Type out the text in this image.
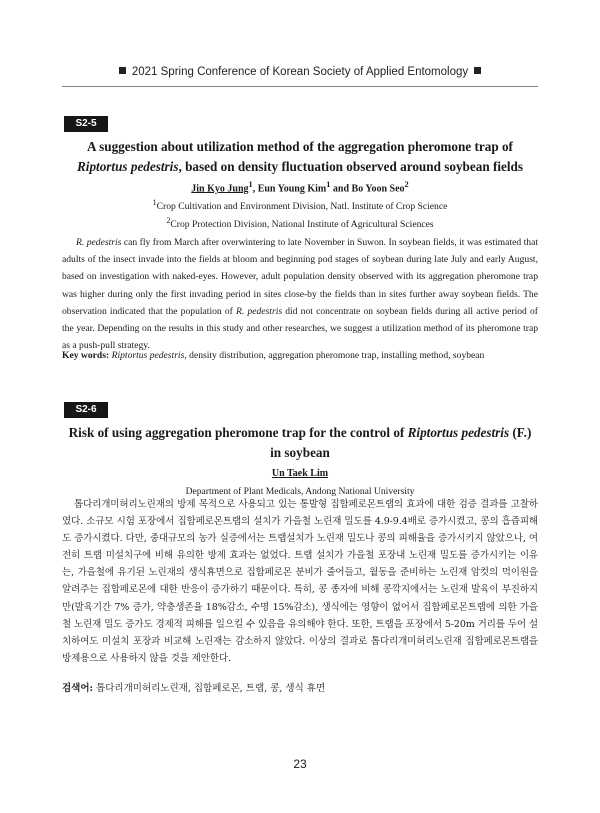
2021 Spring Conference of Korean Society of Applied Entomology
S2-5
A suggestion about utilization method of the aggregation pheromone trap of Riptortus pedestris, based on density fluctuation observed around soybean fields
Jin Kyo Jung$^1$, Eun Young Kim$^1$ and Bo Yoon Seo$^2$
$^1$Crop Cultivation and Environment Division, Natl. Institute of Crop Science
$^2$Crop Protection Division, National Institute of Agricultural Sciences

R. pedestris can fly from March after overwintering to late November in Suwon. In soybean fields, it was estimated that adults of the insect invade into the fields at bloom and beginning pod stages of soybean during late July and early August, based on investigation with naked-eyes. However, adult population density observed with its aggregation pheromone trap was higher during only the first invading period in sites close-by the fields than in sites further away soybean fields. The observation indicated that the population of R. pedestris did not concentrate on soybean fields during all active period of the year. Depending on the results in this study and other researches, we suggest a utilization method of its pheromone trap as a push-pull strategy.

Key words: Riptortus pedestris, density distribution, aggregation pheromone trap, installing method, soybean
S2-6
Risk of using aggregation pheromone trap for the control of Riptortus pedestris (F.) in soybean
Un Taek Lim
Department of Plant Medicals, Andong National University

톱다리개미허리노린재의 방제 목적으로 사용되고 있는 통발형 집합페로몬트랩의 효과에 대한 검증 결과를 고찰하였다. 소규모 시험 포장에서 집합페로몬트랩의 설치가 가을철 노린재 밀도를 4.9-9.4배로 증가시켰고, 콩의 흡즙피해도 증가시켰다. 다만, 중대규모의 농가 실증에서는 트랩설치가 노린재 밀도나 콩의 피해율을 증가시키지 않았으나, 여전히 트랩 미설치구에 비해 유의한 방제 효과는 없었다. 트랩 설치가 가을철 포장내 노린재 밀도를 증가시키는 이유는, 가을철에 유기된 노린재의 생식휴면으로 집합페로몬 분비가 줄어들고, 월동을 준비하는 노린재 암컷의 먹이원을 알려주는 집합페로몬에 대한 반응이 증가하기 때문이다. 특히, 콩 종자에 비해 콩깍지에서는 노린재 발육이 부진하지만(발육기간 7% 증가, 약충생존율 18%감소, 수명 15%감소), 생식에는 영향이 없어서 집합페로몬트랩에 의한 가을철 노린재 밀도 증가도 경제적 피해를 일으킬 수 있음을 유의해야 한다. 또한, 트랩을 포장에서 5-20m 거리를 두어 설치하여도 미설치 포장과 비교해 노린재는 감소하지 않았다. 이상의 결과로 톱다리개미허리노린재 집합페로몬트랩을 방제용으로 사용하지 않을 것을 제안한다.

검색어: 톱다리개미허리노린재, 집합페로몬, 트랩, 콩, 생식 휴면
23
